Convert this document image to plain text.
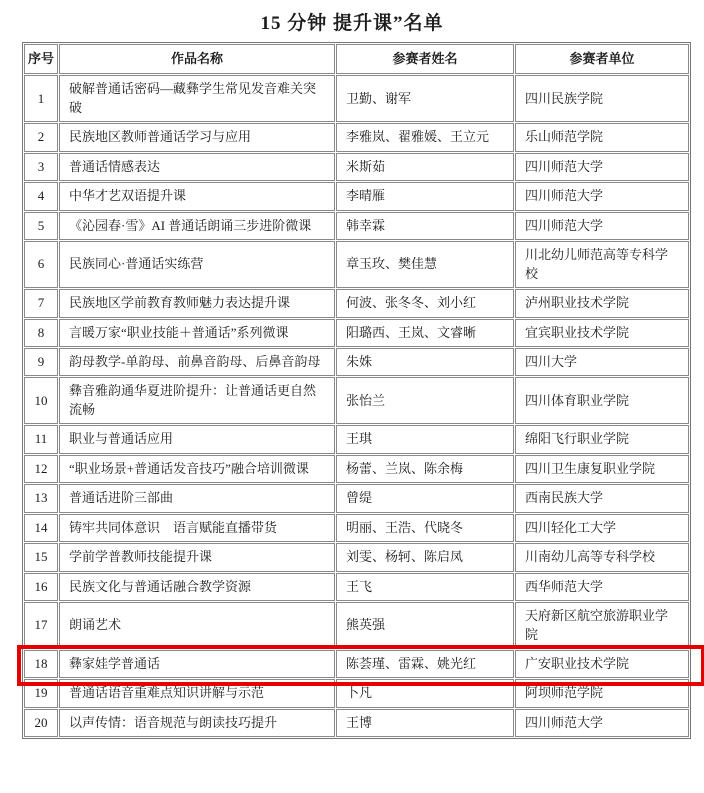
15 分钟 提升课”名单
序号	作品名称	参赛者姓名	参赛者单位
1	破解普通话密码—藏彝学生常见发音难关突破	卫勤、谢军	四川民族学院
2	民族地区教师普通话学习与应用	李雅岚、翟雅媛、王立元	乐山师范学院
3	普通话情感表达	米斯茹	四川师范大学
4	中华才艺双语提升课	李晴雁	四川师范大学
5	《沁园春·雪》AI 普通话朗诵三步进阶微课	韩幸霖	四川师范大学
6	民族同心·普通话实练营	章玉玫、樊佳慧	川北幼儿师范高等专科学校
7	民族地区学前教育教师魅力表达提升课	何波、张冬冬、刘小红	泸州职业技术学院
8	言暖万家“职业技能＋普通话”系列微课	阳璐西、王岚、文睿晰	宜宾职业技术学院
9	韵母教学-单韵母、前鼻音韵母、后鼻音韵母	朱姝	四川大学
10	彝音雅韵通华夏进阶提升：让普通话更自然流畅	张怡兰	四川体育职业学院
11	职业与普通话应用	王琪	绵阳飞行职业学院
12	“职业场景+普通话发音技巧”融合培训微课	杨蕾、兰岚、陈余梅	四川卫生康复职业学院
13	普通话进阶三部曲	曾缇	西南民族大学
14	铸牢共同体意识　语言赋能直播带货	明丽、王浩、代晓冬	四川轻化工大学
15	学前学普教师技能提升课	刘雯、杨轲、陈启凤	川南幼儿高等专科学校
16	民族文化与普通话融合教学资源	王飞	西华师范大学
17	朗诵艺术	熊英强	天府新区航空旅游职业学院
18	彝家娃学普通话	陈荟瑾、雷霖、姚光红	广安职业技术学院
19	普通话语音重难点知识讲解与示范	卜凡	阿坝师范学院
20	以声传情：语音规范与朗读技巧提升	王博	四川师范大学
